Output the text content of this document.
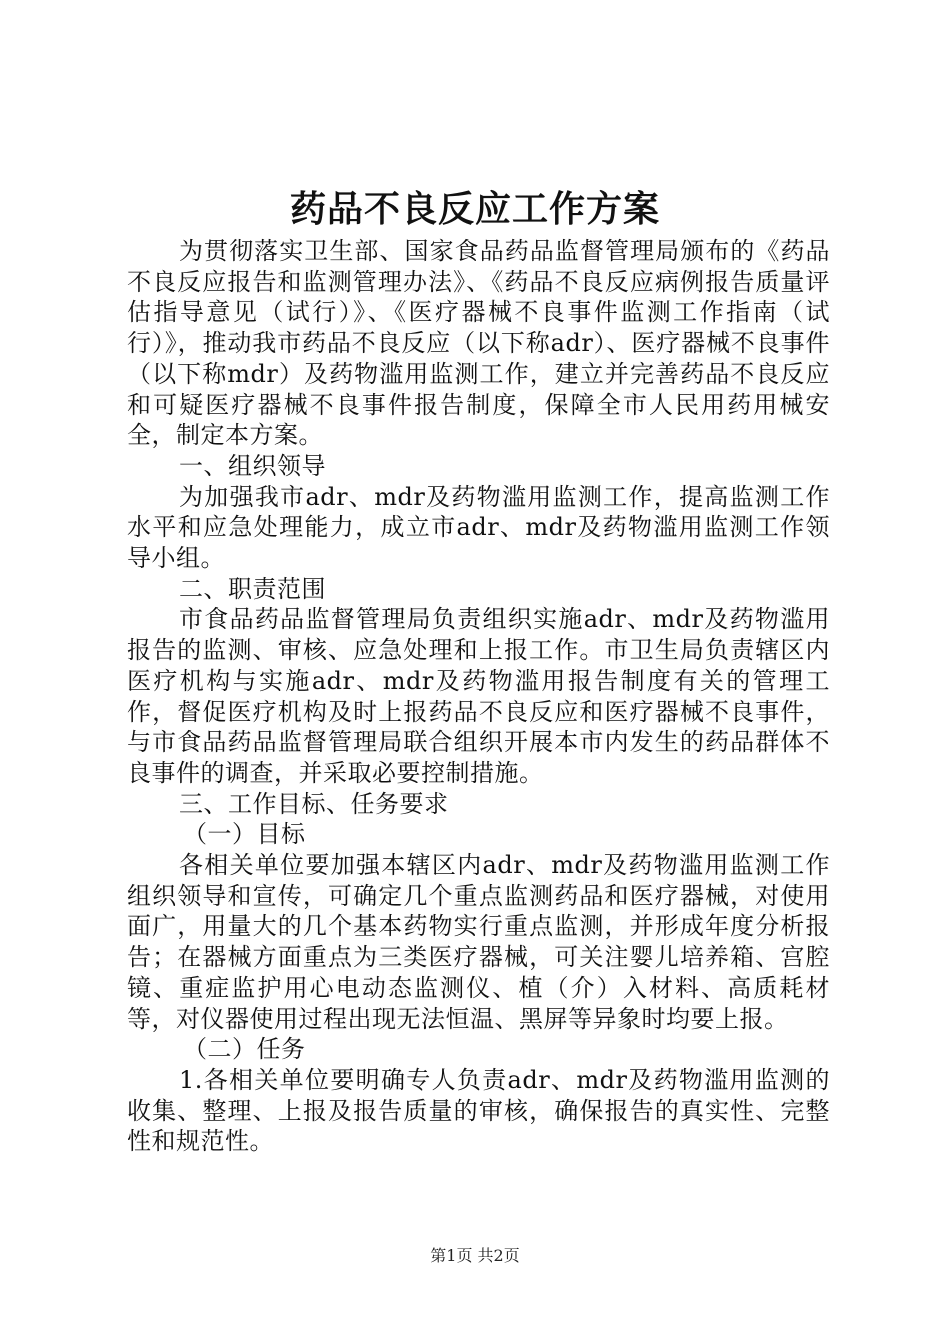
药品不良反应工作方案

为贯彻落实卫生部、国家食品药品监督管理局颁布的《药品不良反应报告和监测管理办法》、《药品不良反应病例报告质量评估指导意见（试行）》、《医疗器械不良事件监测工作指南（试行）》，推动我市药品不良反应（以下称adr）、医疗器械不良事件（以下称mdr）及药物滥用监测工作，建立并完善药品不良反应和可疑医疗器械不良事件报告制度，保障全市人民用药用械安全，制定本方案。

一、组织领导

为加强我市adr、mdr及药物滥用监测工作，提高监测工作水平和应急处理能力，成立市adr、mdr及药物滥用监测工作领导小组。

二、职责范围

市食品药品监督管理局负责组织实施adr、mdr及药物滥用报告的监测、审核、应急处理和上报工作。市卫生局负责辖区内医疗机构与实施adr、mdr及药物滥用报告制度有关的管理工作，督促医疗机构及时上报药品不良反应和医疗器械不良事件，与市食品药品监督管理局联合组织开展本市内发生的药品群体不良事件的调查，并采取必要控制措施。

三、工作目标、任务要求

（一）目标

各相关单位要加强本辖区内adr、mdr及药物滥用监测工作组织领导和宣传，可确定几个重点监测药品和医疗器械，对使用面广，用量大的几个基本药物实行重点监测，并形成年度分析报告；在器械方面重点为三类医疗器械，可关注婴儿培养箱、宫腔镜、重症监护用心电动态监测仪、植（介）入材料、高质耗材等，对仪器使用过程出现无法恒温、黑屏等异象时均要上报。

（二）任务

1.各相关单位要明确专人负责adr、mdr及药物滥用监测的收集、整理、上报及报告质量的审核，确保报告的真实性、完整性和规范性。

第1页 共2页
